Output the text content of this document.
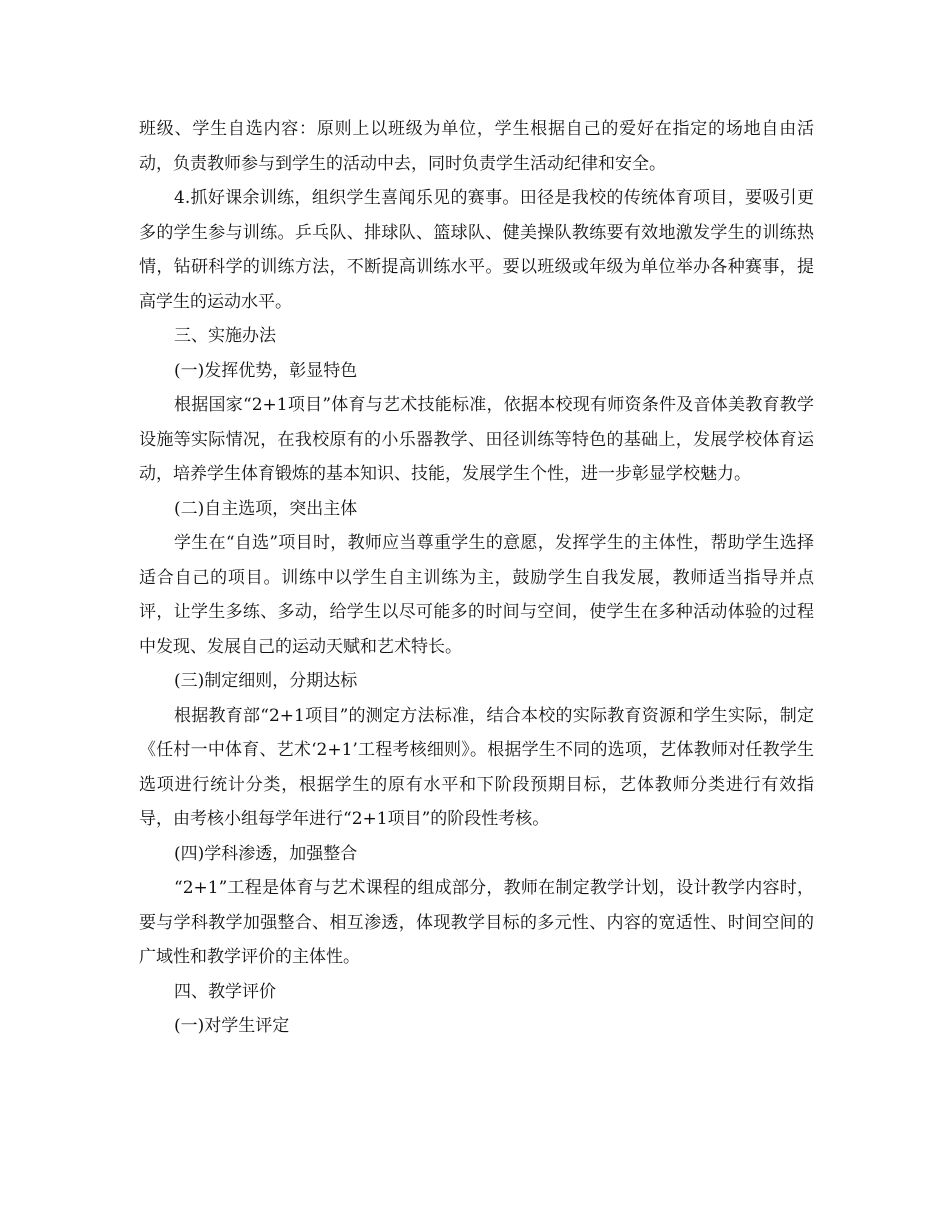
班级、学生自选内容：原则上以班级为单位，学生根据自己的爱好在指定的场地自由活动，负责教师参与到学生的活动中去，同时负责学生活动纪律和安全。

4.抓好课余训练，组织学生喜闻乐见的赛事。田径是我校的传统体育项目，要吸引更多的学生参与训练。乒乓队、排球队、篮球队、健美操队教练要有效地激发学生的训练热情，钻研科学的训练方法，不断提高训练水平。要以班级或年级为单位举办各种赛事，提高学生的运动水平。

三、实施办法

(一)发挥优势，彰显特色

根据国家“2+1项目”体育与艺术技能标准，依据本校现有师资条件及音体美教育教学设施等实际情况，在我校原有的小乐器教学、田径训练等特色的基础上，发展学校体育运动，培养学生体育锻炼的基本知识、技能，发展学生个性，进一步彰显学校魅力。

(二)自主选项，突出主体

学生在“自选”项目时，教师应当尊重学生的意愿，发挥学生的主体性，帮助学生选择适合自己的项目。训练中以学生自主训练为主，鼓励学生自我发展，教师适当指导并点评，让学生多练、多动，给学生以尽可能多的时间与空间，使学生在多种活动体验的过程中发现、发展自己的运动天赋和艺术特长。

(三)制定细则，分期达标

根据教育部“2+1项目”的测定方法标准，结合本校的实际教育资源和学生实际，制定《任村一中体育、艺术‘2+1’工程考核细则》。根据学生不同的选项，艺体教师对任教学生选项进行统计分类，根据学生的原有水平和下阶段预期目标，艺体教师分类进行有效指导，由考核小组每学年进行“2+1项目”的阶段性考核。

(四)学科渗透，加强整合

“2+1”工程是体育与艺术课程的组成部分，教师在制定教学计划，设计教学内容时，要与学科教学加强整合、相互渗透，体现教学目标的多元性、内容的宽适性、时间空间的广域性和教学评价的主体性。

四、教学评价

(一)对学生评定
